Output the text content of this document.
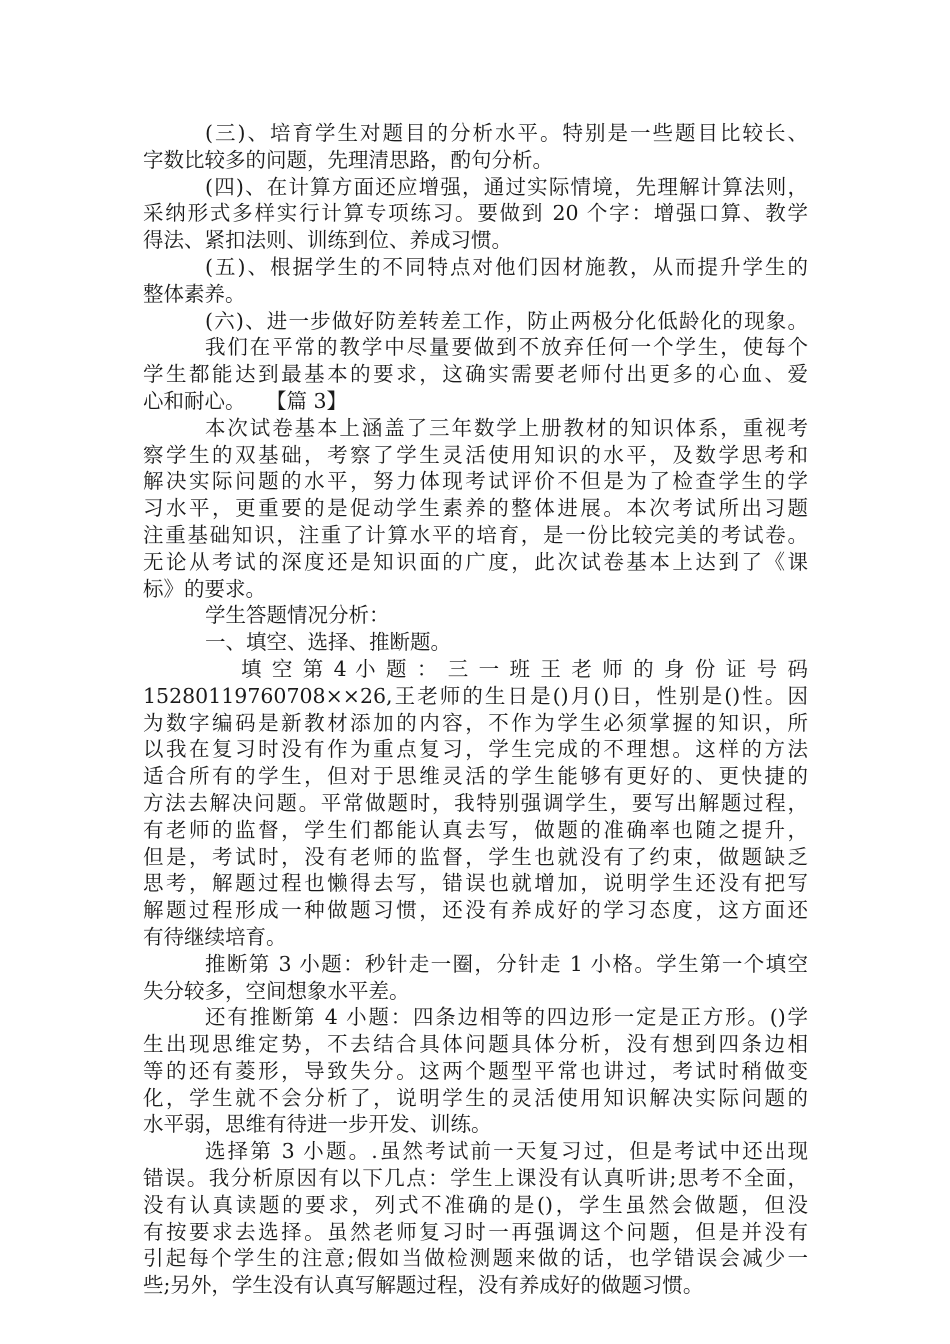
(三)、培育学生对题目的分析水平。特别是一些题目比较长、
字数比较多的问题，先理清思路，酌句分析。
(四)、在计算方面还应增强，通过实际情境，先理解计算法则，
采纳形式多样实行计算专项练习。要做到 20 个字：增强口算、教学
得法、紧扣法则、训练到位、养成习惯。
(五)、根据学生的不同特点对他们因材施教，从而提升学生的
整体素养。
(六)、进一步做好防差转差工作，防止两极分化低龄化的现象。
我们在平常的教学中尽量要做到不放弃任何一个学生，使每个
学生都能达到最基本的要求，这确实需要老师付出更多的心血、爱
心和耐心。　　【篇 3】
本次试卷基本上涵盖了三年数学上册教材的知识体系，重视考
察学生的双基础，考察了学生灵活使用知识的水平，及数学思考和
解决实际问题的水平，努力体现考试评价不但是为了检查学生的学
习水平，更重要的是促动学生素养的整体进展。本次考试所出习题
注重基础知识，注重了计算水平的培育，是一份比较完美的考试卷。
无论从考试的深度还是知识面的广度，此次试卷基本上达到了《课
标》的要求。
学生答题情况分析：
一、填空、选择、推断题。
填 空 第 4 小 题 ： 三 一 班 王 老 师 的 身 份 证 号 码
15280119760708××26,王老师的生日是()月()日，性别是()性。因
为数字编码是新教材添加的内容，不作为学生必须掌握的知识，所
以我在复习时没有作为重点复习，学生完成的不理想。这样的方法
适合所有的学生，但对于思维灵活的学生能够有更好的、更快捷的
方法去解决问题。平常做题时，我特别强调学生，要写出解题过程，
有老师的监督，学生们都能认真去写，做题的准确率也随之提升，
但是，考试时，没有老师的监督，学生也就没有了约束，做题缺乏
思考，解题过程也懒得去写，错误也就增加，说明学生还没有把写
解题过程形成一种做题习惯，还没有养成好的学习态度，这方面还
有待继续培育。
推断第 3 小题：秒针走一圈，分针走 1 小格。学生第一个填空
失分较多，空间想象水平差。
还有推断第 4 小题：四条边相等的四边形一定是正方形。()学
生出现思维定势，不去结合具体问题具体分析，没有想到四条边相
等的还有菱形，导致失分。这两个题型平常也讲过，考试时稍做变
化，学生就不会分析了，说明学生的灵活使用知识解决实际问题的
水平弱，思维有待进一步开发、训练。
选择第 3 小题。.虽然考试前一天复习过，但是考试中还出现
错误。我分析原因有以下几点：学生上课没有认真听讲;思考不全面，
没有认真读题的要求，列式不准确的是()，学生虽然会做题，但没
有按要求去选择。虽然老师复习时一再强调这个问题，但是并没有
引起每个学生的注意;假如当做检测题来做的话，也学错误会减少一
些;另外，学生没有认真写解题过程，没有养成好的做题习惯。
